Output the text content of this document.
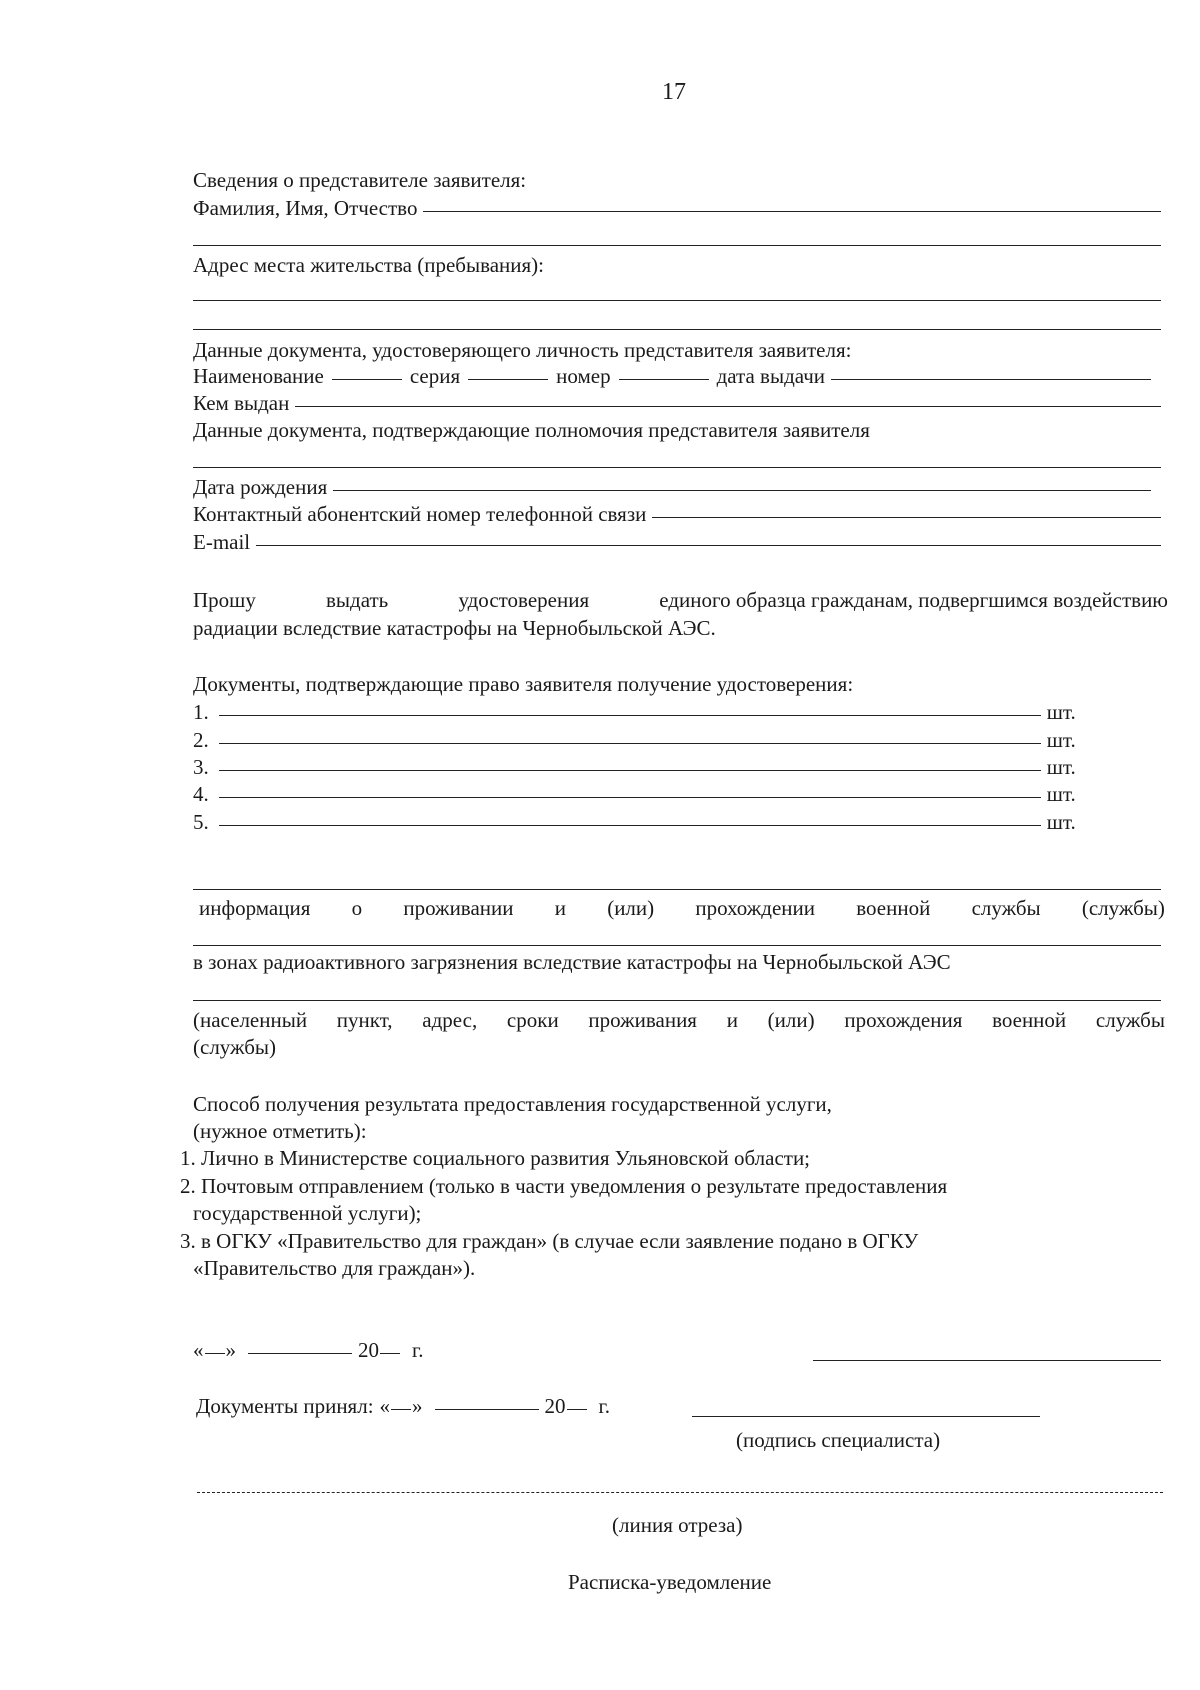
17
Сведения о представителе заявителя:
Фамилия, Имя, Отчество
Адрес места жительства (пребывания):
Данные документа, удостоверяющего личность представителя заявителя:
Наименование	серия	номер	дата выдачи
Кем выдан
Данные документа, подтверждающие полномочия представителя заявителя
Дата рождения
Контактный абонентский номер телефонной связи
E-mail
Прошу	выдать	удостоверения	единого образца гражданам, подвергшимся воздействию
радиации вследствие катастрофы на Чернобыльской АЭС.
Документы, подтверждающие право заявителя получение удостоверения:
1.	шт.
2.	шт.
3.	шт.
4.	шт.
5.	шт.
информация о проживании и (или) прохождении военной службы (службы)
в зонах радиоактивного загрязнения вследствие катастрофы на Чернобыльской АЭС
(населенный пункт, адрес, сроки проживания и (или) прохождения военной службы
(службы)
Способ получения результата предоставления государственной услуги,
(нужное отметить):
1. Лично в Министерстве социального развития Ульяновской области;
2. Почтовым отправлением (только в части уведомления о результате предоставления
государственной услуги);
3. в ОГКУ «Правительство для граждан» (в случае если заявление подано в ОГКУ
«Правительство для граждан»).
« »	20 г.
Документы принял: « »	20 г.
(подпись специалиста)
(линия отреза)
Расписка-уведомление
